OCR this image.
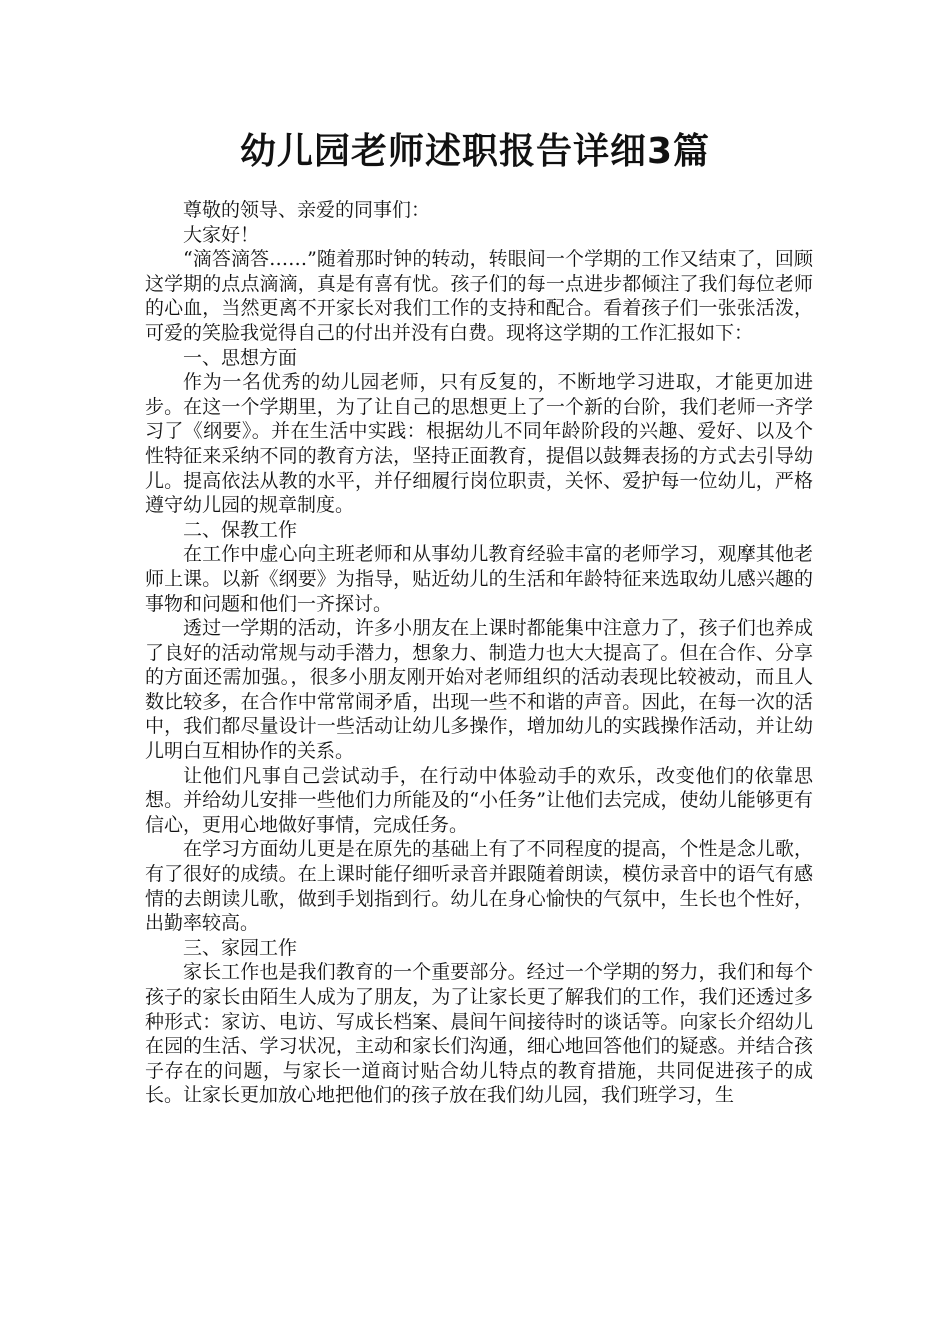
幼儿园老师述职报告详细3篇

尊敬的领导、亲爱的同事们：

大家好！

“滴答滴答……”随着那时钟的转动，转眼间一个学期的工作又结束了，回顾这学期的点点滴滴，真是有喜有忧。孩子们的每一点进步都倾注了我们每位老师的心血，当然更离不开家长对我们工作的支持和配合。看着孩子们一张张活泼，可爱的笑脸我觉得自己的付出并没有白费。现将这学期的工作汇报如下：

一、思想方面

作为一名优秀的幼儿园老师，只有反复的，不断地学习进取，才能更加进步。在这一个学期里，为了让自己的思想更上了一个新的台阶，我们老师一齐学习了《纲要》。并在生活中实践：根据幼儿不同年龄阶段的兴趣、爱好、以及个性特征来采纳不同的教育方法，坚持正面教育，提倡以鼓舞表扬的方式去引导幼儿。提高依法从教的水平，并仔细履行岗位职责，关怀、爱护每一位幼儿，严格遵守幼儿园的规章制度。

二、保教工作

在工作中虚心向主班老师和从事幼儿教育经验丰富的老师学习，观摩其他老师上课。以新《纲要》为指导，贴近幼儿的生活和年龄特征来选取幼儿感兴趣的事物和问题和他们一齐探讨。

透过一学期的活动，许多小朋友在上课时都能集中注意力了，孩子们也养成了良好的活动常规与动手潜力，想象力、制造力也大大提高了。但在合作、分享的方面还需加强。，很多小朋友刚开始对老师组织的活动表现比较被动，而且人数比较多，在合作中常常闹矛盾，出现一些不和谐的声音。因此，在每一次的活中，我们都尽量设计一些活动让幼儿多操作，增加幼儿的实践操作活动，并让幼儿明白互相协作的关系。

让他们凡事自己尝试动手，在行动中体验动手的欢乐，改变他们的依靠思想。并给幼儿安排一些他们力所能及的“小任务”让他们去完成，使幼儿能够更有信心，更用心地做好事情，完成任务。

在学习方面幼儿更是在原先的基础上有了不同程度的提高，个性是念儿歌，有了很好的成绩。在上课时能仔细听录音并跟随着朗读，模仿录音中的语气有感情的去朗读儿歌，做到手划指到行。幼儿在身心愉快的气氛中，生长也个性好，出勤率较高。

三、家园工作

家长工作也是我们教育的一个重要部分。经过一个学期的努力，我们和每个孩子的家长由陌生人成为了朋友，为了让家长更了解我们的工作，我们还透过多种形式：家访、电访、写成长档案、晨间午间接待时的谈话等。向家长介绍幼儿在园的生活、学习状况，主动和家长们沟通，细心地回答他们的疑惑。并结合孩子存在的问题，与家长一道商讨贴合幼儿特点的教育措施，共同促进孩子的成长。让家长更加放心地把他们的孩子放在我们幼儿园，我们班学习，生
